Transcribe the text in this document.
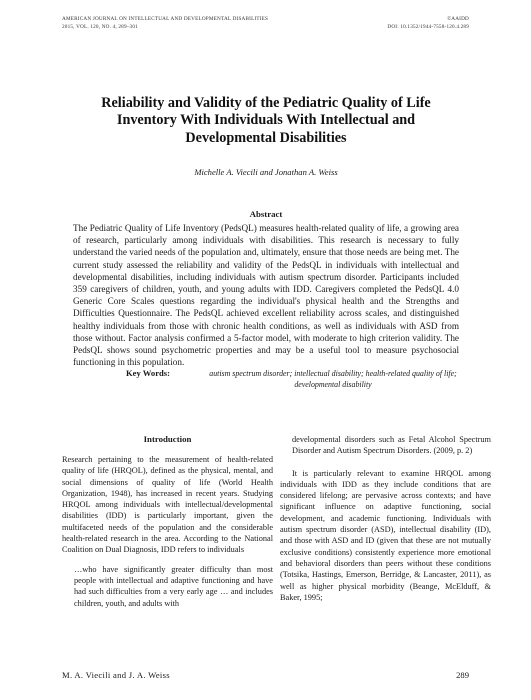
AMERICAN JOURNAL ON INTELLECTUAL AND DEVELOPMENTAL DISABILITIES
2015, VOL. 120, NO. 4, 289–301
©AAIDD
DOI: 10.1352/1944-7558-120.4.289
Reliability and Validity of the Pediatric Quality of Life Inventory With Individuals With Intellectual and Developmental Disabilities
Michelle A. Viecili and Jonathan A. Weiss
Abstract
The Pediatric Quality of Life Inventory (PedsQL) measures health-related quality of life, a growing area of research, particularly among individuals with disabilities. This research is necessary to fully understand the varied needs of the population and, ultimately, ensure that those needs are being met. The current study assessed the reliability and validity of the PedsQL in individuals with intellectual and developmental disabilities, including individuals with autism spectrum disorder. Participants included 359 caregivers of children, youth, and young adults with IDD. Caregivers completed the PedsQL 4.0 Generic Core Scales questions regarding the individual's physical health and the Strengths and Difficulties Questionnaire. The PedsQL achieved excellent reliability across scales, and distinguished healthy individuals from those with chronic health conditions, as well as individuals with ASD from those without. Factor analysis confirmed a 5-factor model, with moderate to high criterion validity. The PedsQL shows sound psychometric properties and may be a useful tool to measure psychosocial functioning in this population.
Key Words:	autism spectrum disorder; intellectual disability; health-related quality of life; developmental disability
Introduction

Research pertaining to the measurement of health-related quality of life (HRQOL), defined as the physical, mental, and social dimensions of quality of life (World Health Organization, 1948), has increased in recent years. Studying HRQOL among individuals with intellectual/developmental disabilities (IDD) is particularly important, given the multifaceted needs of the population and the considerable health-related research in the area. According to the National Coalition on Dual Diagnosis, IDD refers to individuals

…who have significantly greater difficulty than most people with intellectual and adaptive functioning and have had such difficulties from a very early age … and includes children, youth, and adults with

developmental disorders such as Fetal Alcohol Spectrum Disorder and Autism Spectrum Disorders. (2009, p. 2)

It is particularly relevant to examine HRQOL among individuals with IDD as they include conditions that are considered lifelong; are pervasive across contexts; and have significant influence on adaptive functioning, social development, and academic functioning. Individuals with autism spectrum disorder (ASD), intellectual disability (ID), and those with ASD and ID (given that these are not mutually exclusive conditions) consistently experience more emotional and behavioral disorders than peers without these conditions (Totsika, Hastings, Emerson, Berridge, & Lancaster, 2011), as well as higher physical morbidity (Beange, McElduff, & Baker, 1995;

M. A. Viecili and J. A. Weiss	289
